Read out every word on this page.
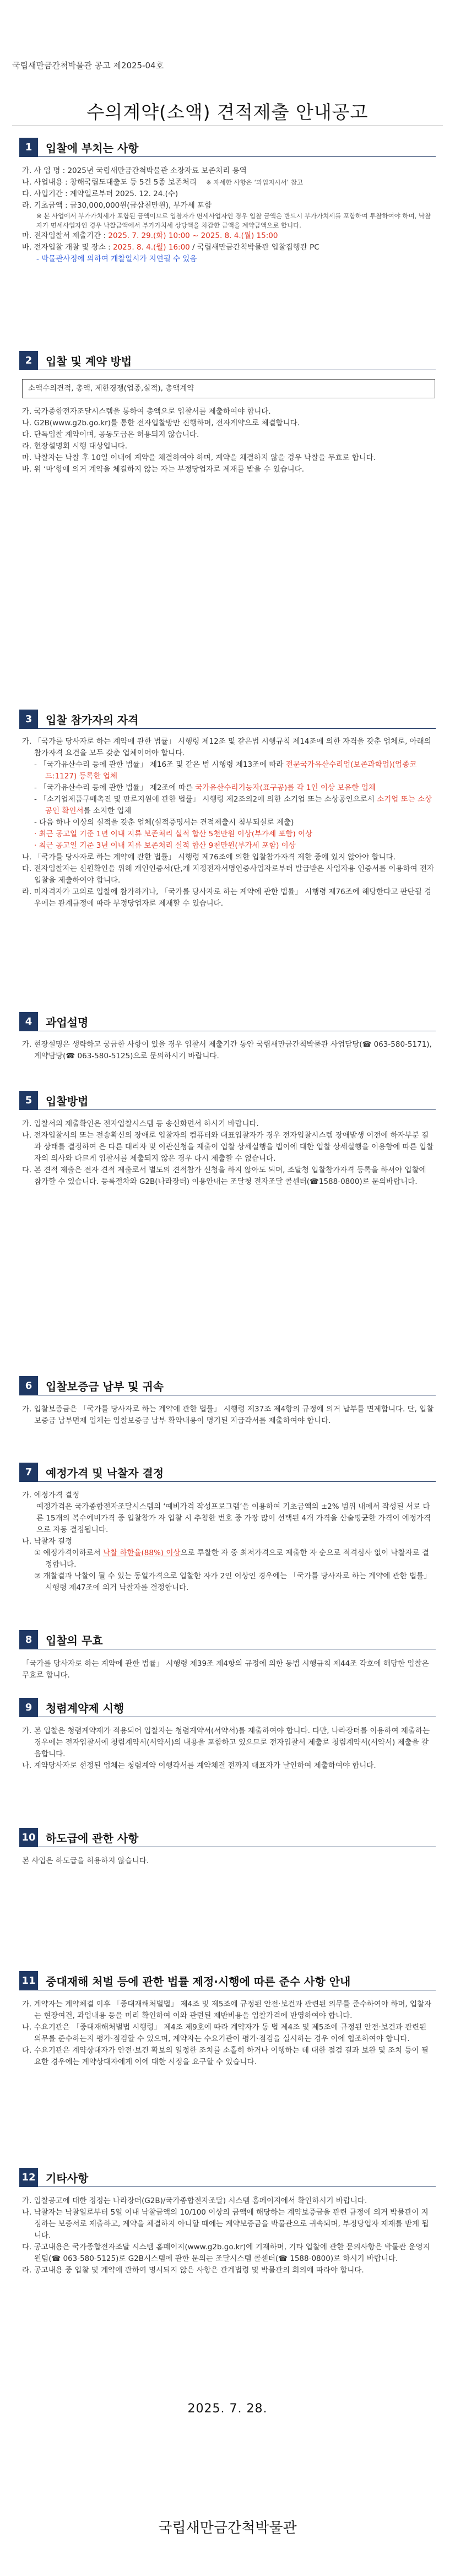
국립새만금간척박물관 공고 제2025-04호
수의계약(소액) 견적제출 안내공고
1	입찰에 부치는 사항

가. 사 업 명 : 2025년 국립새만금간척박물관 소장자료 보존처리 용역

나. 사업내용 : 창해국립도대출도 등 5건 5종 보존처리 ※ 자세한 사항은 ‘과업지시서’ 참고

다. 사업기간 : 계약일로부터 2025. 12. 24.(수)

라. 기초금액 : 금30,000,000원(금삼천만원), 부가세 포함

※ 본 사업에서 부가가치세가 포함된 금액이므로 입찰자가 면세사업자인 경우 입찰 금액은 반드시 부가가치세를 포함하여 투찰하여야 하며, 낙찰자가 면세사업자인 경우 낙찰금액에서 부가가치세 상당액을 차감한 금액을 계약금액으로 합니다.

마. 전자입찰서 제출기간 : 2025. 7. 29.(화) 10:00 ~ 2025. 8. 4.(월) 15:00

바. 전자입찰 개찰 및 장소 : 2025. 8. 4.(월) 16:00 / 국립새만금간척박물관 입찰집행관 PC

- 박물관사정에 의하여 개찰일시가 지연될 수 있음

2	입찰 및 계약 방법
소액수의견적, 총액, 제한경쟁(업종,실적), 총액계약

가. 국가종합전자조달시스템을 통하여 총액으로 입찰서를 제출하여야 합니다.

나. G2B(www.g2b.go.kr)를 통한 전자입찰방만 진행하며, 전자계약으로 체결합니다.

다. 단독입찰 계약이며, 공동도급은 허용되지 않습니다.

라. 현장설명회 시행 대상입니다.

마. 낙찰자는 낙찰 후 10일 이내에 계약을 체결하여야 하며, 계약을 체결하지 않을 경우 낙찰을 무효로 합니다.

바. 위 ‘마’항에 의거 계약을 체결하지 않는 자는 부정당업자로 제재를 받을 수 있습니다.

3	입찰 참가자의 자격

가. 「국가를 당사자로 하는 계약에 관한 법률」 시행령 제12조 및 같은법 시행규칙 제14조에 의한 자격을 갖춘 업체로, 아래의 참가자격 요건을 모두 갖춘 업체이어야 합니다.

- 「국가유산수리 등에 관한 법률」 제16조 및 같은 법 시행령 제13조에 따라 전문국가유산수리업(보존과학업)(업종코드:1127) 등록한 업체

- 「국가유산수리 등에 관한 법률」 제2조에 따른 국가유산수리기능자(표구공)를 각 1인 이상 보유한 업체

- 「소기업제품구매촉진 및 판로지원에 관한 법률」 시행령 제2조의2에 의한 소기업 또는 소상공인으로서 소기업 또는 소상공인 확인서를 소지한 업체

- 다음 하나 이상의 실적을 갖춘 업체(실적증명서는 견적제출시 첨부되실로 제출)

· 최근 공고일 기준 1년 이내 지류 보존처리 실적 합산 5천만원 이상(부가세 포함) 이상

· 최근 공고일 기준 3년 이내 지류 보존처리 실적 합산 9천만원(부가세 포함) 이상

나. 「국가를 당사자로 하는 계약에 관한 법률」 시행령 제76조에 의한 입찰참가자격 제한 중에 있지 않아야 합니다.

다. 전자입찰자는 신원확인을 위해 개인인증서(단,개 지정전자서명인증사업자로부터 발급받은 사업자용 인증서를 이용하여 전자입찰을 제출하여야 합니다.

라. 미자격자가 고의로 입찰에 참가하거나, 「국가를 당사자로 하는 계약에 관한 법률」 시행령 제76조에 해당한다고 판단될 경우에는 관계규정에 따라 부정당업자로 제재할 수 있습니다.

4	과업설명

가. 현장설명은 생략하고 궁금한 사항이 있을 경우 입찰서 제출기간 동안 국립새만금간척박물관 사업담당(☎ 063-580-5171), 계약담당(☎ 063-580-5125)으로 문의하시기 바랍니다.

5	입찰방법

가. 입찰서의 제출확인은 전자입찰시스템 등 송신화면서 하시기 바랍니다.

나. 전자입찰서의 또는 전송확신의 장애로 입찰자의 컴퓨터와 대표입찰자가 경우 전자입찰시스템 장애발생 이전에 하자부분 결과 상태를 결정하여 은 다른 대리자 및 이관신청을 제출이 입찰 상세실행을 법이에 대한 입찰 상세실행을 이용함에 따른 입찰자의 의사와 다르게 입찰서를 제출되지 않은 경우 다시 제출할 수 없습니다.

다. 본 견적 제출은 전자 견적 제출로서 별도의 견적참가 신청을 하지 않아도 되며, 조달청 입찰참가자격 등록을 하셔야 입찰에 참가할 수 있습니다. 등록절차와 G2B(나라장터) 이용안내는 조달청 전자조달 콜센터(☎1588-0800)로 문의바랍니다.

6	입찰보증금 납부 및 귀속

가. 입찰보증금은 「국가를 당사자로 하는 계약에 관한 법률」 시행령 제37조 제4항의 규정에 의거 납부를 면제합니다. 단, 입찰보증금 납부면제 업체는 입찰보증금 납부 확약내용이 명기된 지급각서를 제출하여야 합니다.

7	예정가격 및 낙찰자 결정

가. 예정가격 결정

예정가격은 국가종합전자조달시스템의 ‘예비가격 작성프로그램’을 이용하여 기초금액의 ±2% 범위 내에서 작성된 서로 다른 15개의 복수예비가격 중 입찰참가 자 입찰 시 추첨한 번호 중 가장 많이 선택된 4개 가격을 산술평균한 가격이 예정가격으로 자동 결정됩니다.

나. 낙찰자 결정

① 예정가격이하로서 낙찰 하한율(88%) 이상으로 투찰한 자 중 최저가격으로 제출한 자 순으로 적격심사 없이 낙찰자로 결정합니다.

② 개찰결과 낙찰이 될 수 있는 동일가격으로 입찰한 자가 2인 이상인 경우에는 「국가를 당사자로 하는 계약에 관한 법률」 시행령 제47조에 의거 낙찰자를 결정합니다.

8	입찰의 무효

「국가를 당사자로 하는 계약에 관한 법률」 시행령 제39조 제4항의 규정에 의한 동법 시행규칙 제44조 각호에 해당한 입찰은 무효로 합니다.

9	청렴계약제 시행

가. 본 입찰은 청렴계약제가 적용되어 입찰자는 청렴계약서(서약서)를 제출하여야 합니다. 다만, 나라장터를 이용하여 제출하는 경우에는 전자입찰서에 청렴계약서(서약서)의 내용을 포함하고 있으므로 전자입찰서 제출로 청렴계약서(서약서) 제출을 갈음합니다.

나. 계약당사자로 선정된 업체는 청렴계약 이행각서를 계약체결 전까지 대표자가 날인하여 제출하여야 합니다.

10 하도급에 관한 사항

본 사업은 하도급을 허용하지 않습니다.

11 중대재해 처벌 등에 관한 법률 제정·시행에 따른 준수 사항 안내

가. 계약자는 계약체결 이후 「중대재해처벌법」 제4조 및 제5조에 규정된 안전·보건과 관련된 의무를 준수하여야 하며, 입찰자는 현장여건, 과업내용 등을 미리 확인하여 이와 관련된 제반비용을 입찰가격에 반영하여야 합니다.

나. 수요기관은 「중대재해처벌법 시행령」 제4조 제9호에 따라 계약자가 동 법 제4조 및 제5조에 규정된 안전·보건과 관련된 의무를 준수하는지 평가·점검할 수 있으며, 계약자는 수요기관이 평가·점검을 실시하는 경우 이에 협조하여야 합니다.

다. 수요기관은 계약상대자가 안전·보건 확보의 일정한 조치를 소홀히 하거나 이행하는 데 대한 점검 결과 보완 및 조치 등이 필요한 경우에는 계약상대자에게 이에 대한 시정을 요구할 수 있습니다.

12 기타사항

가. 입찰공고에 대한 정정는 나라장터(G2B)/국가종합전자조달) 시스템 홈페이지에서 확인하시기 바랍니다.

나. 낙찰자는 낙찰일로부터 5일 이내 낙찰금액의 10/100 이상의 금액에 해당하는 계약보증금을 관련 규정에 의거 박물관이 지정하는 보증서로 제출하고, 계약을 체결하지 아니할 때에는 계약보증금을 박물관으로 귀속되며, 부정당업자 제재를 받게 됩니다.

다. 공고내용은 국가종합전자조달 시스템 홈페이지(www.g2b.go.kr)에 기재하며, 기타 입찰에 관한 문의사항은 박물관 운영지원팀(☎ 063-580-5125)로 G2B시스템에 관한 문의는 조달시스템 콜센터(☎ 1588-0800)로 하시기 바랍니다.

라. 공고내용 중 입찰 및 계약에 관하여 명시되지 않은 사항은 관계법령 및 박물관의 회의에 따라야 합니다.

2025. 7. 28.
국립새만금간척박물관
